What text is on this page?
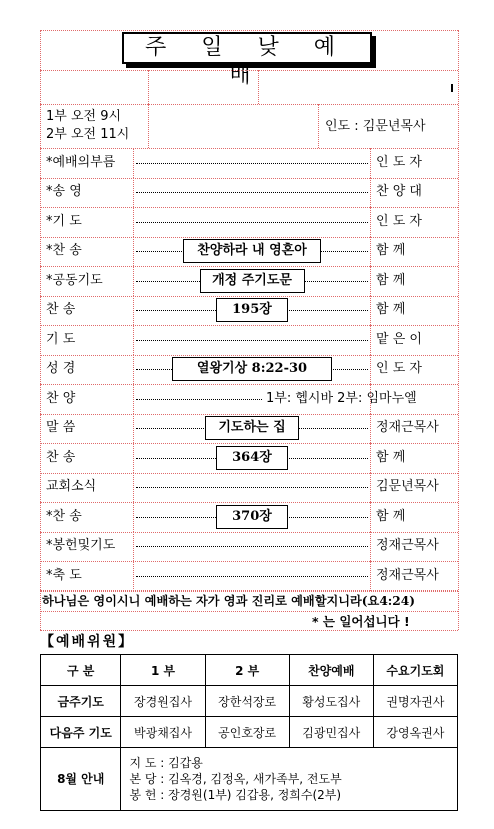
주 일 낮 예 배
1부 오전 9시
2부 오전 11시
인도 : 김문년목사
*예배의부름	인 도 자
*송 영	찬 양 대
*기 도	인 도 자
*찬 송	찬양하라 내 영혼아	함 께
*공동기도	개정 주기도문	함 께
찬 송	195장	함 께
기 도	맡 은 이
성 경	열왕기상 8:22-30	인 도 자
찬 양	1부: 헵시바 2부: 임마누엘
말 씀	기도하는 집	정재근목사
찬 송	364장	함 께
교회소식	김문년목사
*찬 송	370장	함 께
*봉헌및기도	정재근목사
*축 도	정재근목사
하나님은 영이시니 예배하는 자가 영과 진리로 예배할지니라(요4:24)
* 는 일어섭니다 !
【예배위원】
구 분	1 부	2 부	찬양예배	수요기도회
금주기도	장경원집사	장한석장로	황성도집사	권명자권사
다음주 기도	박광채집사	공인호장로	김광민집사	강영옥권사
8월 안내	지 도 : 김갑용
본 당 : 김옥경, 김정옥, 새가족부, 전도부
봉 헌 : 장경원(1부) 김갑용, 정희수(2부)			
